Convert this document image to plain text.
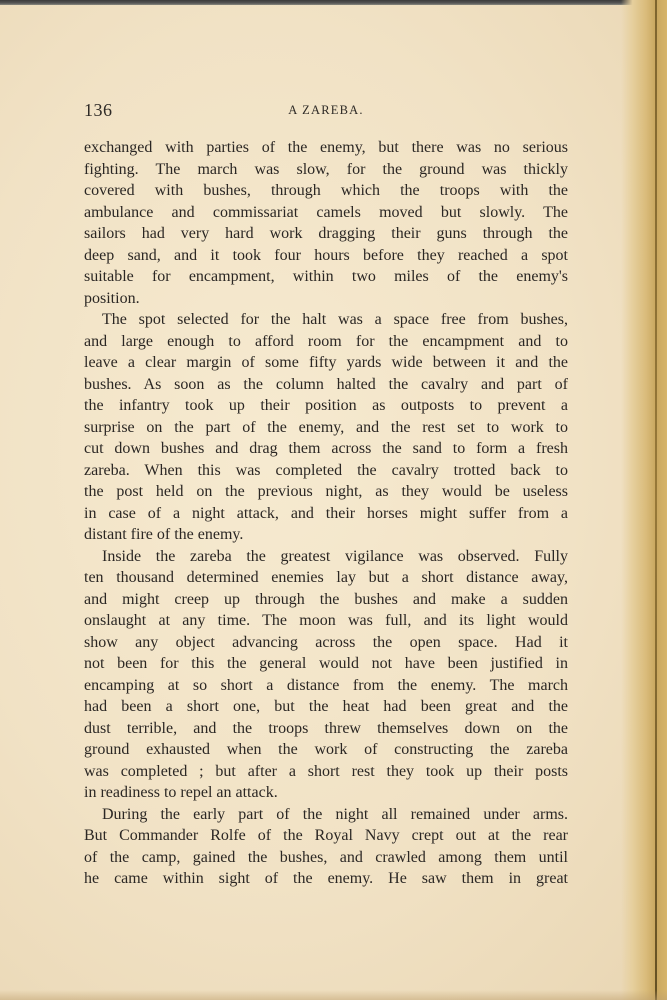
136	A ZAREBA.
exchanged with parties of the enemy, but there was no serious
fighting. The march was slow, for the ground was thickly
covered with bushes, through which the troops with the
ambulance and commissariat camels moved but slowly. The
sailors had very hard work dragging their guns through the
deep sand, and it took four hours before they reached a spot
suitable for encampment, within two miles of the enemy's
position.
The spot selected for the halt was a space free from bushes,
and large enough to afford room for the encampment and to
leave a clear margin of some fifty yards wide between it and the
bushes. As soon as the column halted the cavalry and part of
the infantry took up their position as outposts to prevent a
surprise on the part of the enemy, and the rest set to work to
cut down bushes and drag them across the sand to form a fresh
zareba. When this was completed the cavalry trotted back to
the post held on the previous night, as they would be useless
in case of a night attack, and their horses might suffer from a
distant fire of the enemy.
Inside the zareba the greatest vigilance was observed. Fully
ten thousand determined enemies lay but a short distance away,
and might creep up through the bushes and make a sudden
onslaught at any time. The moon was full, and its light would
show any object advancing across the open space. Had it
not been for this the general would not have been justified in
encamping at so short a distance from the enemy. The march
had been a short one, but the heat had been great and the
dust terrible, and the troops threw themselves down on the
ground exhausted when the work of constructing the zareba
was completed ; but after a short rest they took up their posts
in readiness to repel an attack.
During the early part of the night all remained under arms.
But Commander Rolfe of the Royal Navy crept out at the rear
of the camp, gained the bushes, and crawled among them until
he came within sight of the enemy. He saw them in great
